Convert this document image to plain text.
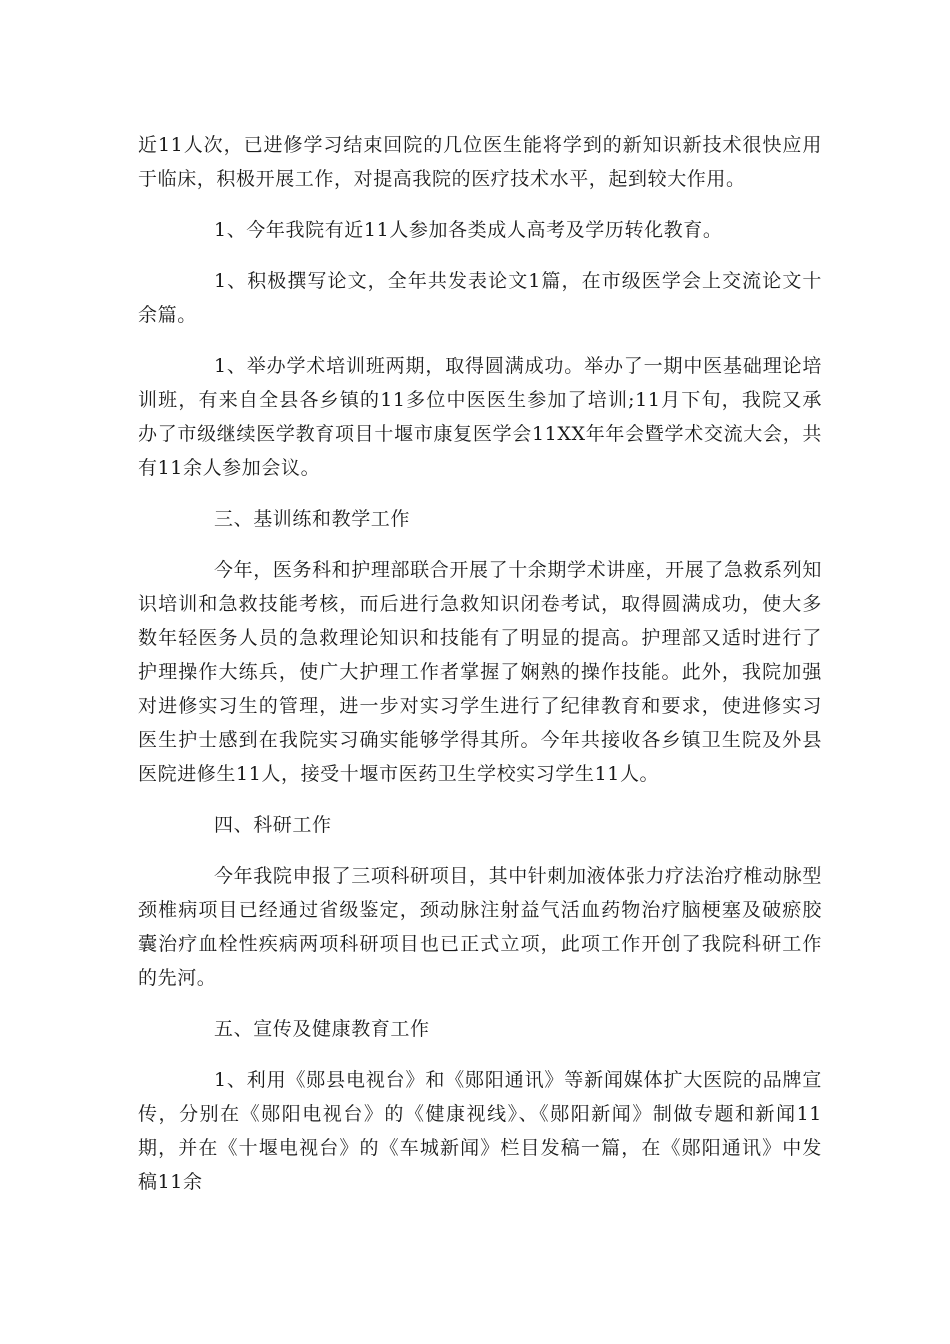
近11人次，已进修学习结束回院的几位医生能将学到的新知识新技术很快应用于临床，积极开展工作，对提高我院的医疗技术水平，起到较大作用。

1、今年我院有近11人参加各类成人高考及学历转化教育。

1、积极撰写论文，全年共发表论文1篇，在市级医学会上交流论文十余篇。

1、举办学术培训班两期，取得圆满成功。举办了一期中医基础理论培训班，有来自全县各乡镇的11多位中医医生参加了培训;11月下旬，我院又承办了市级继续医学教育项目十堰市康复医学会11XX年年会暨学术交流大会，共有11余人参加会议。

三、基训练和教学工作

今年，医务科和护理部联合开展了十余期学术讲座，开展了急救系列知识培训和急救技能考核，而后进行急救知识闭卷考试，取得圆满成功，使大多数年轻医务人员的急救理论知识和技能有了明显的提高。护理部又适时进行了护理操作大练兵，使广大护理工作者掌握了娴熟的操作技能。此外，我院加强对进修实习生的管理，进一步对实习学生进行了纪律教育和要求，使进修实习医生护士感到在我院实习确实能够学得其所。今年共接收各乡镇卫生院及外县医院进修生11人，接受十堰市医药卫生学校实习学生11人。

四、科研工作

今年我院申报了三项科研项目，其中针刺加液体张力疗法治疗椎动脉型颈椎病项目已经通过省级鉴定，颈动脉注射益气活血药物治疗脑梗塞及破瘀胶囊治疗血栓性疾病两项科研项目也已正式立项，此项工作开创了我院科研工作的先河。

五、宣传及健康教育工作

1、利用《郧县电视台》和《郧阳通讯》等新闻媒体扩大医院的品牌宣传，分别在《郧阳电视台》的《健康视线》、《郧阳新闻》制做专题和新闻11期，并在《十堰电视台》的《车城新闻》栏目发稿一篇，在《郧阳通讯》中发稿11余
